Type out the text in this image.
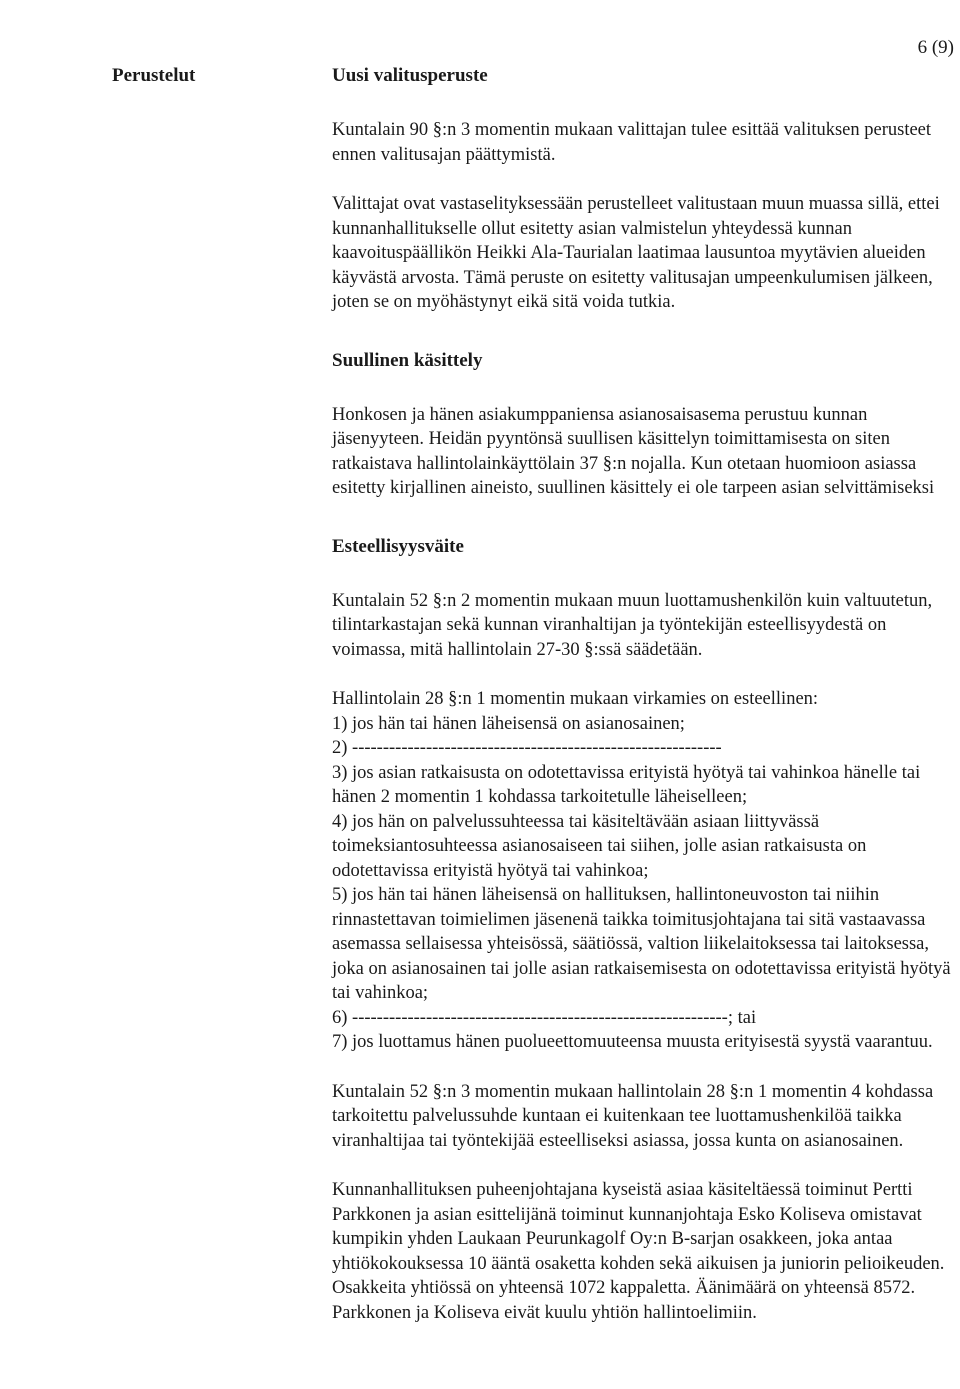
6 (9)
Perustelut	Uusi valitusperuste

Kuntalain 90 §:n 3 momentin mukaan valittajan tulee esittää valituksen perusteet ennen valitusajan päättymistä.

Valittajat ovat vastaselityksessään perustelleet valitustaan muun muassa sillä, ettei kunnanhallitukselle ollut esitetty asian valmistelun yhteydessä kunnan kaavoituspäällikön Heikki Ala-Taurialan laatimaa lausuntoa myytävien alueiden käyvästä arvosta. Tämä peruste on esitetty valitusajan umpeenkulumisen jälkeen, joten se on myöhästynyt eikä sitä voida tutkia.

Suullinen käsittely

Honkosen ja hänen asiakumppaniensa asianosaisasema perustuu kunnan jäsenyyteen. Heidän pyyntönsä suullisen käsittelyn toimittamisesta on siten ratkaistava hallintolainkäyttölain 37 §:n nojalla. Kun otetaan huomioon asiassa esitetty kirjallinen aineisto, suullinen käsittely ei ole tarpeen asian selvittämiseksi

Esteellisyysväite

Kuntalain 52 §:n 2 momentin mukaan muun luottamushenkilön kuin valtuutetun, tilintarkastajan sekä kunnan viranhaltijan ja työntekijän esteellisyydestä on voimassa, mitä hallintolain 27-30 §:ssä säädetään.

Hallintolain 28 §:n 1 momentin mukaan virkamies on esteellinen:

1) jos hän tai hänen läheisensä on asianosainen;
2) ------------------------------------------------------------
3) jos asian ratkaisusta on odotettavissa erityistä hyötyä tai vahinkoa hänelle tai hänen 2 momentin 1 kohdassa tarkoitetulle läheiselleen;
4) jos hän on palvelussuhteessa tai käsiteltävään asiaan liittyvässä toimeksiantosuhteessa asianosaiseen tai siihen, jolle asian ratkaisusta on odotettavissa erityistä hyötyä tai vahinkoa;
5) jos hän tai hänen läheisensä on hallituksen, hallintoneuvoston tai niihin rinnastettavan toimielimen jäsenenä taikka toimitusjohtajana tai sitä vastaavassa asemassa sellaisessa yhteisössä, säätiössä, valtion liikelaitoksessa tai laitoksessa, joka on asianosainen tai jolle asian ratkaisemisesta on odotettavissa erityistä hyötyä tai vahinkoa;
6) -------------------------------------------------------------; tai
7) jos luottamus hänen puolueettomuuteensa muusta erityisestä syystä vaarantuu.

Kuntalain 52 §:n 3 momentin mukaan hallintolain 28 §:n 1 momentin 4 kohdassa tarkoitettu palvelussuhde kuntaan ei kuitenkaan tee luottamushenkilöä taikka viranhaltijaa tai työntekijää esteelliseksi asiassa, jossa kunta on asianosainen.

Kunnanhallituksen puheenjohtajana kyseistä asiaa käsiteltäessä toiminut Pertti Parkkonen ja asian esittelijänä toiminut kunnanjohtaja Esko Koliseva omistavat kumpikin yhden Laukaan Peurunkagolf Oy:n B-sarjan osakkeen, joka antaa yhtiökokouksessa 10 ääntä osaketta kohden sekä aikuisen ja juniorin pelioikeuden. Osakkeita yhtiössä on yhteensä 1072 kappaletta. Äänimäärä on yhteensä 8572. Parkkonen ja Koliseva eivät kuulu yhtiön hallintoelimiin.
